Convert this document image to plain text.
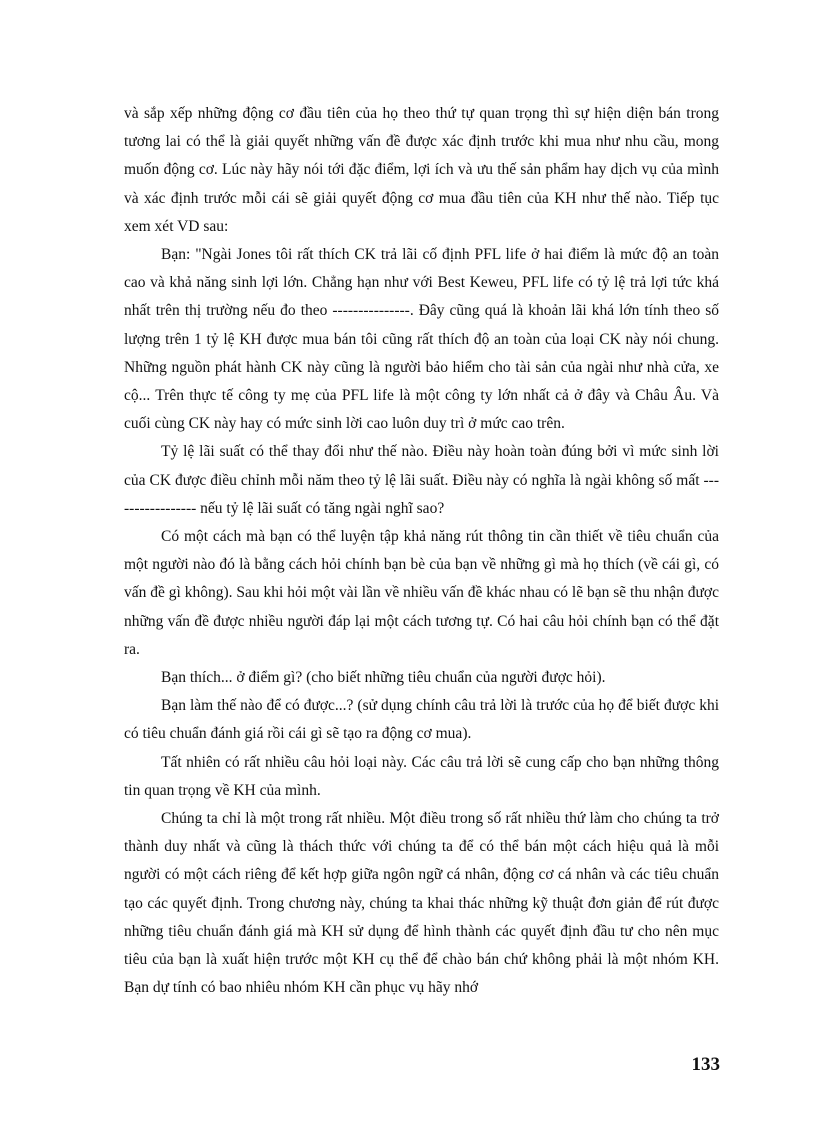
và sắp xếp những động cơ đầu tiên của họ theo thứ tự quan trọng thì sự hiện diện bán trong tương lai có thể là giải quyết những vấn đề được xác định trước khi mua như nhu cầu, mong muốn động cơ. Lúc này hãy nói tới đặc điểm, lợi ích và ưu thế sản phẩm hay dịch vụ của mình và xác định trước mỗi cái sẽ giải quyết động cơ mua đầu tiên của KH như thế nào. Tiếp tục xem xét VD sau:

Bạn: "Ngài Jones tôi rất thích CK trả lãi cố định PFL life ở hai điểm là mức độ an toàn cao và khả năng sinh lợi lớn. Chẳng hạn như với Best Keweu, PFL life có tỷ lệ trả lợi tức khá nhất trên thị trường nếu đo theo ---------------. Đây cũng quá là khoản lãi khá lớn tính theo số lượng trên 1 tỷ lệ KH được mua bán tôi cũng rất thích độ an toàn của loại CK này nói chung. Những nguồn phát hành CK này cũng là người bảo hiểm cho tài sản của ngài như nhà cửa, xe cộ... Trên thực tế công ty mẹ của PFL life là một công ty lớn nhất cả ở đây và Châu Âu. Và cuối cùng CK này hay có mức sinh lời cao luôn duy trì ở mức cao trên.

Tỷ lệ lãi suất có thể thay đổi như thế nào. Điều này hoàn toàn đúng bởi vì mức sinh lời của CK được điều chỉnh mỗi năm theo tỷ lệ lãi suất. Điều này có nghĩa là ngài không số mất ----------------- nếu tỷ lệ lãi suất có tăng ngài nghĩ sao?

Có một cách mà bạn có thể luyện tập khả năng rút thông tin cần thiết về tiêu chuẩn của một người nào đó là bằng cách hỏi chính bạn bè của bạn về những gì mà họ thích (về cái gì, có vấn đề gì không). Sau khi hỏi một vài lần về nhiều vấn đề khác nhau có lẽ bạn sẽ thu nhận được những vấn đề được nhiều người đáp lại một cách tương tự. Có hai câu hỏi chính bạn có thể đặt ra.

Bạn thích... ở điểm gì? (cho biết những tiêu chuẩn của người được hỏi).

Bạn làm thế nào để có được...? (sử dụng chính câu trả lời là trước của họ để biết được khi có tiêu chuẩn đánh giá rồi cái gì sẽ tạo ra động cơ mua).

Tất nhiên có rất nhiều câu hỏi loại này. Các câu trả lời sẽ cung cấp cho bạn những thông tin quan trọng về KH của mình.

Chúng ta chỉ là một trong rất nhiều. Một điều trong số rất nhiều thứ làm cho chúng ta trở thành duy nhất và cũng là thách thức với chúng ta để có thể bán một cách hiệu quả là mỗi người có một cách riêng để kết hợp giữa ngôn ngữ cá nhân, động cơ cá nhân và các tiêu chuẩn tạo các quyết định. Trong chương này, chúng ta khai thác những kỹ thuật đơn giản để rút được những tiêu chuẩn đánh giá mà KH sử dụng để hình thành các quyết định đầu tư cho nên mục tiêu của bạn là xuất hiện trước một KH cụ thể để chào bán chứ không phải là một nhóm KH. Bạn dự tính có bao nhiêu nhóm KH cần phục vụ hãy nhớ

133
